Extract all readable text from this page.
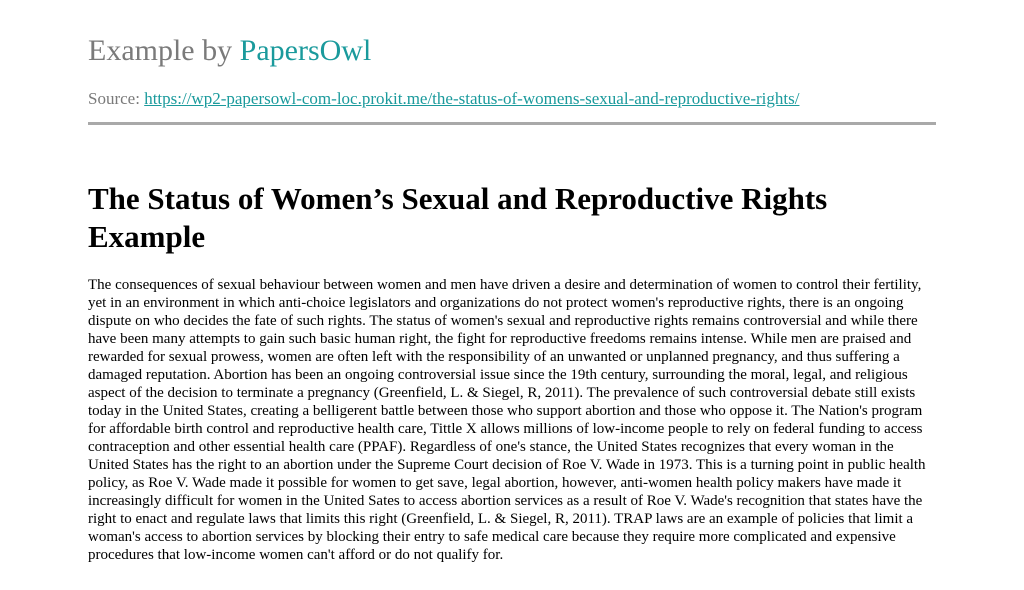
Example by PapersOwl
Source: https://wp2-papersowl-com-loc.prokit.me/the-status-of-womens-sexual-and-reproductive-rights/
The Status of Women’s Sexual and Reproductive Rights Example

The consequences of sexual behaviour between women and men have driven a desire and determination of women to control their fertility, yet in an environment in which anti-choice legislators and organizations do not protect women's reproductive rights, there is an ongoing dispute on who decides the fate of such rights. The status of women's sexual and reproductive rights remains controversial and while there have been many attempts to gain such basic human right, the fight for reproductive freedoms remains intense. While men are praised and rewarded for sexual prowess, women are often left with the responsibility of an unwanted or unplanned pregnancy, and thus suffering a damaged reputation. Abortion has been an ongoing controversial issue since the 19th century, surrounding the moral, legal, and religious aspect of the decision to terminate a pregnancy (Greenfield, L. & Siegel, R, 2011). The prevalence of such controversial debate still exists today in the United States, creating a belligerent battle between those who support abortion and those who oppose it. The Nation's program for affordable birth control and reproductive health care, Tittle X allows millions of low-income people to rely on federal funding to access contraception and other essential health care (PPAF). Regardless of one's stance, the United States recognizes that every woman in the United States has the right to an abortion under the Supreme Court decision of Roe V. Wade in 1973. This is a turning point in public health policy, as Roe V. Wade made it possible for women to get save, legal abortion, however, anti-women health policy makers have made it increasingly difficult for women in the United Sates to access abortion services as a result of Roe V. Wade's recognition that states have the right to enact and regulate laws that limits this right (Greenfield, L. & Siegel, R, 2011). TRAP laws are an example of policies that limit a woman's access to abortion services by blocking their entry to safe medical care because they require more complicated and expensive procedures that low-income women can't afford or do not qualify for.
